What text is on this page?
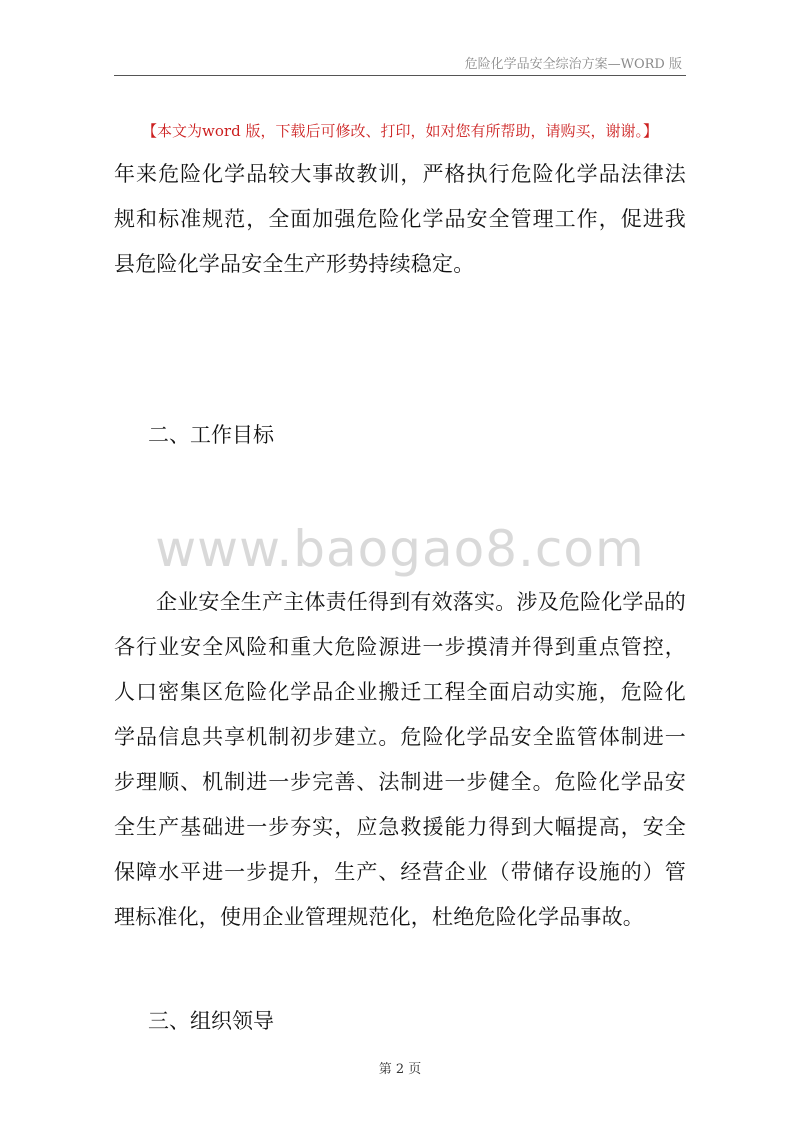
危险化学品安全综治方案—WORD 版
【本文为word 版，下载后可修改、打印，如对您有所帮助，请购买，谢谢。】

年来危险化学品较大事故教训，严格执行危险化学品法律法规和标准规范，全面加强危险化学品安全管理工作，促进我县危险化学品安全生产形势持续稳定。

二、工作目标
www.baogao8.com

企业安全生产主体责任得到有效落实。涉及危险化学品的各行业安全风险和重大危险源进一步摸清并得到重点管控，人口密集区危险化学品企业搬迁工程全面启动实施，危险化学品信息共享机制初步建立。危险化学品安全监管体制进一步理顺、机制进一步完善、法制进一步健全。危险化学品安全生产基础进一步夯实，应急救援能力得到大幅提高，安全保障水平进一步提升，生产、经营企业（带储存设施的）管理标准化，使用企业管理规范化，杜绝危险化学品事故。

三、组织领导
第 2 页
